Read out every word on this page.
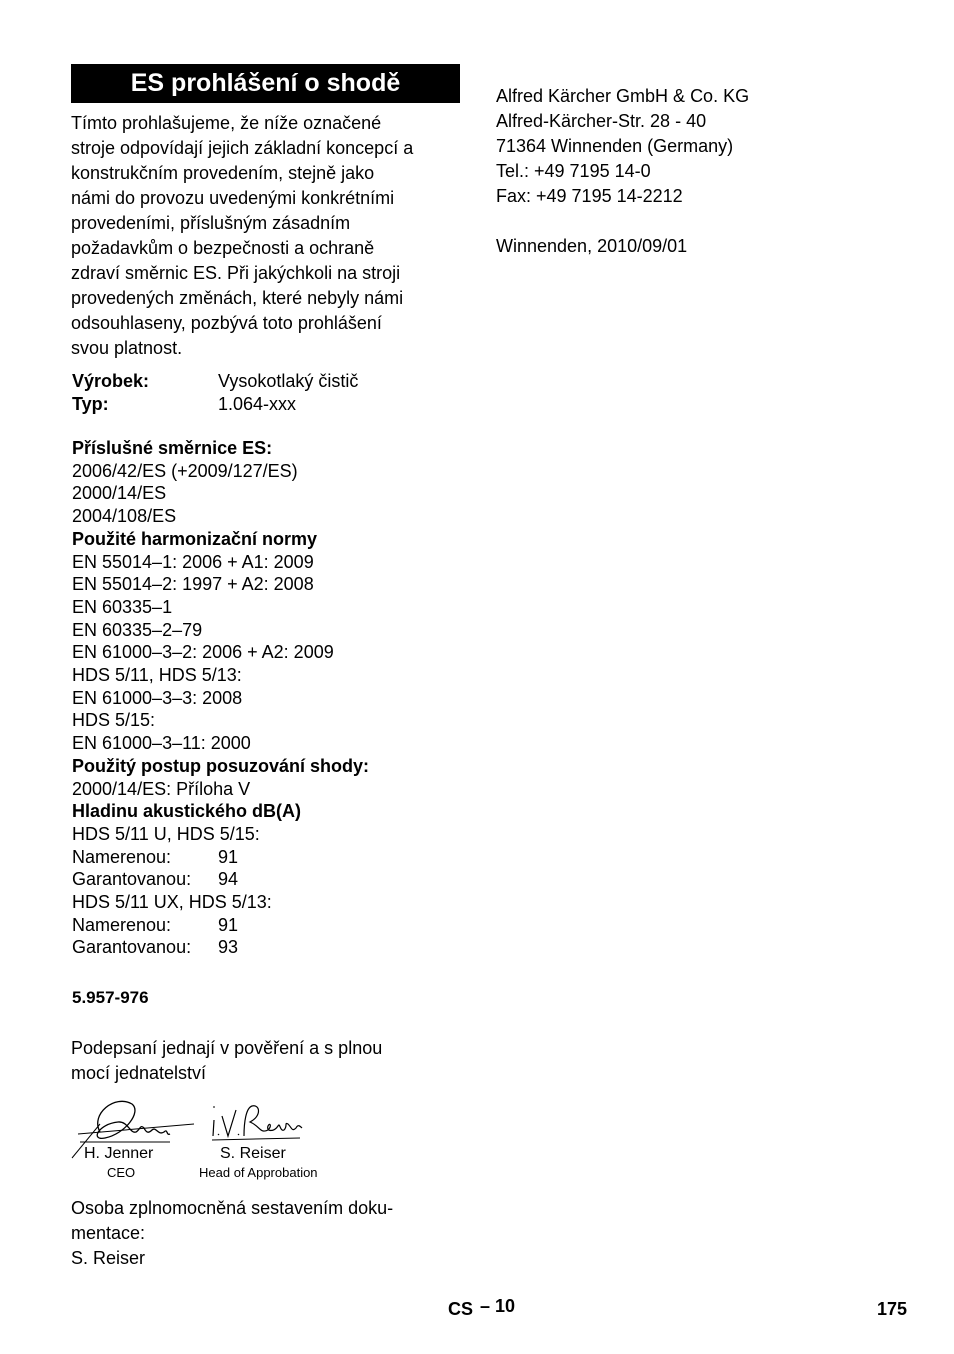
ES prohlášení o shodě
Tímto prohlašujeme, že níže označené
stroje odpovídají jejich základní koncepcí a
konstrukčním provedením, stejně jako
námi do provozu uvedenými konkrétními
provedeními, příslušným zásadním
požadavkům o bezpečnosti a ochraně
zdraví směrnic ES. Při jakýchkoli na stroji
provedených změnách, které nebyly námi
odsouhlaseny, pozbývá toto prohlášení
svou platnost.
Výrobek:	Vysokotlaký čistič
Typ:	1.064-xxx
Příslušné směrnice ES:
2006/42/ES (+2009/127/ES)
2000/14/ES
2004/108/ES
Použité harmonizační normy
EN 55014–1: 2006 + A1: 2009
EN 55014–2: 1997 + A2: 2008
EN 60335–1
EN 60335–2–79
EN 61000–3–2: 2006 + A2: 2009
HDS 5/11, HDS 5/13:
EN 61000–3–3: 2008
HDS 5/15:
EN 61000–3–11: 2000
Použitý postup posuzování shody:
2000/14/ES: Příloha V
Hladinu akustického dB(A)
HDS 5/11 U, HDS 5/15:
Namerenou:	91
Garantovanou:	94
HDS 5/11 UX, HDS 5/13:
Namerenou:	91
Garantovanou:	93
5.957-976
Podepsaní jednají v pověření a s plnou
mocí jednatelství
H. Jenner
CEO
S. Reiser
Head of Approbation
Osoba zplnomocněná sestavením doku-
mentace:
S. Reiser
Alfred Kärcher GmbH & Co. KG
Alfred-Kärcher-Str. 28 - 40
71364 Winnenden (Germany)
Tel.: +49 7195 14-0
Fax: +49 7195 14-2212
Winnenden, 2010/09/01
CS – 10	175
